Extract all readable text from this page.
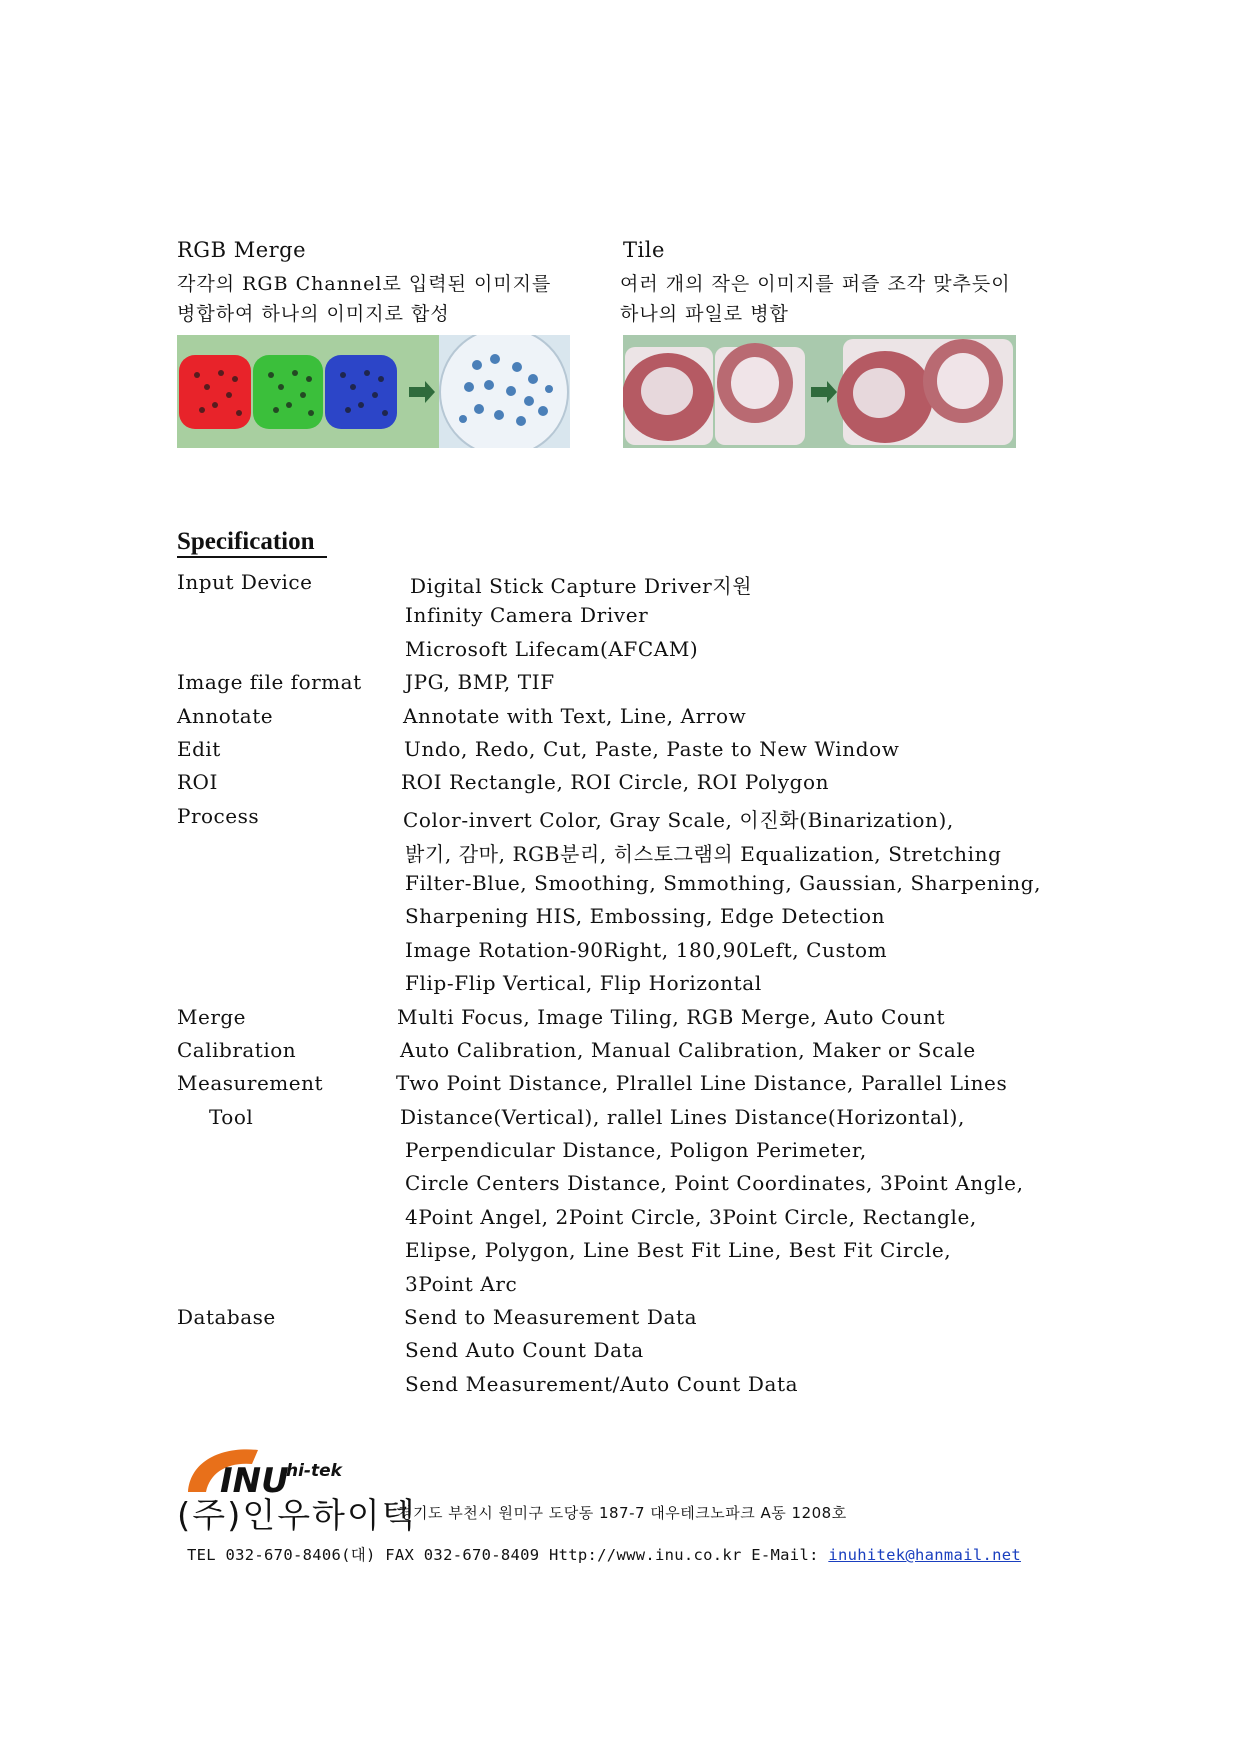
RGB Merge
각각의 RGB Channel로 입력된 이미지를
병합하여 하나의 이미지로 합성
Tile
여러 개의 작은 이미지를 퍼즐 조각 맞추듯이
하나의 파일로 병합
Specification
Input Device
Image file format
Annotate
Edit
ROI
Process
Merge
Calibration
Measurement
Tool
Database
Digital Stick Capture Driver지원
Infinity Camera Driver
Microsoft Lifecam(AFCAM)
JPG, BMP, TIF
Annotate with Text, Line, Arrow
Undo, Redo, Cut, Paste, Paste to New Window
ROI Rectangle, ROI Circle, ROI Polygon
Color-invert Color, Gray Scale, 이진화(Binarization),
밝기, 감마, RGB분리, 히스토그램의 Equalization, Stretching
Filter-Blue, Smoothing, Smmothing, Gaussian, Sharpening,
Sharpening HIS, Embossing, Edge Detection
Image Rotation-90Right, 180,90Left, Custom
Flip-Flip Vertical, Flip Horizontal
Multi Focus, Image Tiling, RGB Merge, Auto Count
Auto Calibration, Manual Calibration, Maker or Scale
Two Point Distance, Plrallel Line Distance, Parallel Lines
Distance(Vertical), rallel Lines Distance(Horizontal),
Perpendicular Distance, Poligon Perimeter,
Circle Centers Distance, Point Coordinates, 3Point Angle,
4Point Angel, 2Point Circle, 3Point Circle, Rectangle,
Elipse, Polygon, Line Best Fit Line, Best Fit Circle,
3Point Arc
Send to Measurement Data
Send Auto Count Data
Send Measurement/Auto Count Data
INU
hi-tek
(주)인우하이텍
경기도 부천시 원미구 도당동 187-7 대우테크노파크 A동 1208호
TEL 032-670-8406(대) FAX 032-670-8409 Http://www.inu.co.kr E-Mail: inuhitek@hanmail.net
